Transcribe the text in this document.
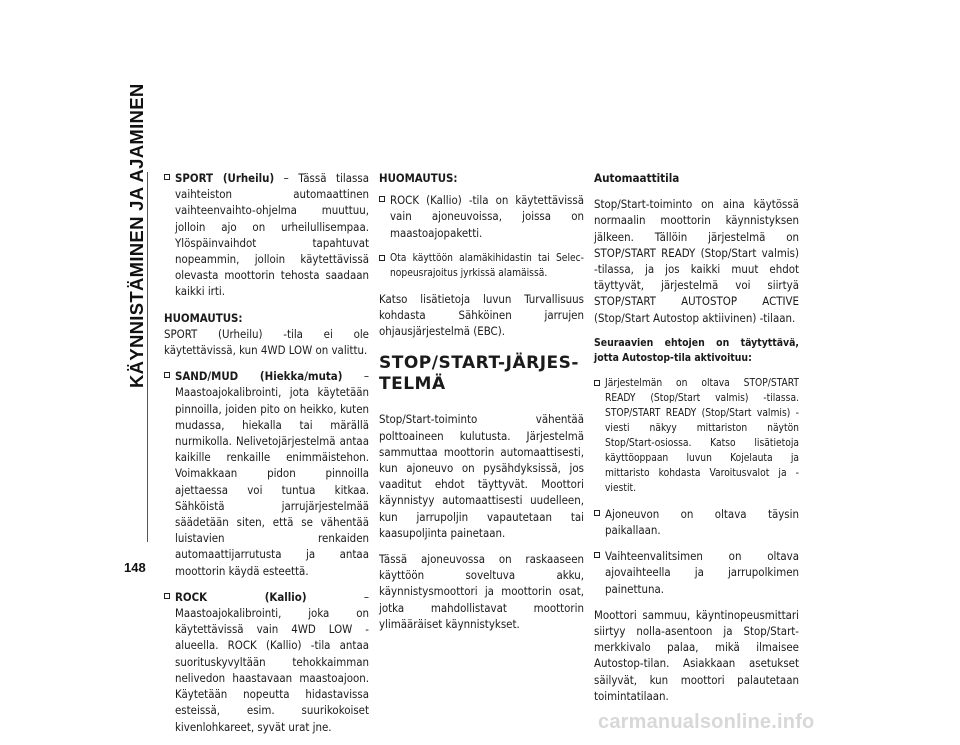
KÄYNNISTÄMINEN JA AJAMINEN
148
SPORT (Urheilu) – Tässä tilassa vaihteiston automaattinen vaihteenvaihto-ohjelma muuttuu, jolloin ajo on urheilullisempaa. Ylöspäinvaihdot tapahtuvat nopeammin, jolloin käytettävissä olevasta moottorin tehosta saadaan kaikki irti.

HUOMAUTUS:

SPORT (Urheilu) -tila ei ole käytettävissä, kun 4WD LOW on valittu.

SAND/MUD (Hiekka/muta) – Maastoajokalibrointi, jota käytetään pinnoilla, joiden pito on heikko, kuten mudassa, hiekalla tai märällä nurmikolla. Nelivetojärjestelmä antaa kaikille renkaille enimmäistehon. Voimakkaan pidon pinnoilla ajettaessa voi tuntua kitkaa. Sähköistä jarrujärjestelmää säädetään siten, että se vähentää luistavien renkaiden automaattijarrutusta ja antaa moottorin käydä esteettä.
ROCK (Kallio) – Maastoajokalibrointi, joka on käytettävissä vain 4WD LOW -alueella. ROCK (Kallio) -tila antaa suorituskyvyltään tehokkaimman nelivedon haastavaan maastoajoon. Käytetään nopeutta hidastavissa esteissä, esim. suurikokoiset kivenlohkareet, syvät urat jne.

HUOMAUTUS:

ROCK (Kallio) -tila on käytettävissä vain ajoneuvoissa, joissa on maastoajopaketti.
Ota käyttöön alamäkihidastin tai Selec-nopeusrajoitus jyrkissä alamäissä.

Katso lisätietoja luvun Turvallisuus kohdasta Sähköinen jarrujen ohjausjärjestelmä (EBC).

STOP/START-JÄRJES-
TELMÄ

Stop/Start-toiminto vähentää polttoaineen kulutusta. Järjestelmä sammuttaa moottorin automaattisesti, kun ajoneuvo on pysähdyksissä, jos vaaditut ehdot täyttyvät. Moottori käynnistyy automaattisesti uudelleen, kun jarrupoljin vapautetaan tai kaasupoljinta painetaan.

Tässä ajoneuvossa on raskaaseen käyttöön soveltuva akku, käynnistysmoottori ja moottorin osat, jotka mahdollistavat moottorin ylimääräiset käynnistykset.

Automaattitila

Stop/Start-toiminto on aina käytössä normaalin moottorin käynnistyksen jälkeen. Tällöin järjestelmä on STOP/START READY (Stop/Start valmis) -tilassa, ja jos kaikki muut ehdot täyttyvät, järjestelmä voi siirtyä STOP/START AUTOSTOP ACTIVE (Stop/Start Autostop aktiivinen) -tilaan.

Seuraavien ehtojen on täytyttävä, jotta Autostop-tila aktivoituu:

Järjestelmän on oltava STOP/START READY (Stop/Start valmis) -tilassa. STOP/START READY (Stop/Start valmis) -viesti näkyy mittariston näytön Stop/Start-osiossa. Katso lisätietoja käyttöoppaan luvun Kojelauta ja mittaristo kohdasta Varoitusvalot ja -viestit.
Ajoneuvon on oltava täysin paikallaan.
Vaihteenvalitsimen on oltava ajovaihteella ja jarrupolkimen painettuna.

Moottori sammuu, käyntinopeusmittari siirtyy nolla-asentoon ja Stop/Start-merkkivalo palaa, mikä ilmaisee Autostop-tilan. Asiakkaan asetukset säilyvät, kun moottori palautetaan toimintatilaan.

carmanualsonline.info
